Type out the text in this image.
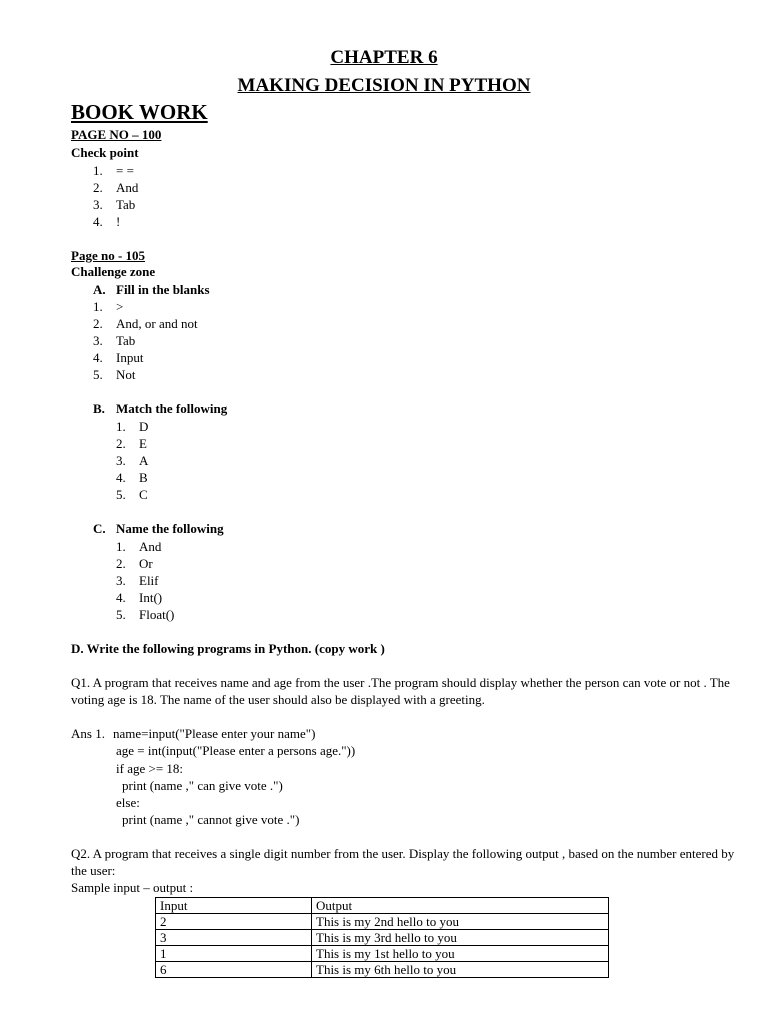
CHAPTER 6
MAKING DECISION IN PYTHON
BOOK WORK
PAGE NO – 100
Check point
1. = =
2. And
3. Tab
4. !
Page no - 105
Challenge zone
A. Fill in the blanks
1. >
2. And, or and not
3. Tab
4. Input
5. Not
B. Match the following
1. D
2. E
3. A
4. B
5. C
C. Name the following
1. And
2. Or
3. Elif
4. Int()
5. Float()
D. Write the following programs in Python. (copy work )
Q1. A program that receives name and age from the user .The program should display whether the person can vote or not . The
voting age is 18. The name of the user should also be displayed with a greeting.
Ans 1. name=input("Please enter your name")
age = int(input("Please enter a persons age."))
if age >= 18:
print (name ," can give vote .")
else:
print (name ," cannot give vote .")
Q2. A program that receives a single digit number from the user. Display the following output , based on the number entered by
the user:
Sample input – output :
Input	Output
2	This is my 2nd hello to you
3	This is my 3rd hello to you
1	This is my 1st hello to you
6	This is my 6th hello to you
